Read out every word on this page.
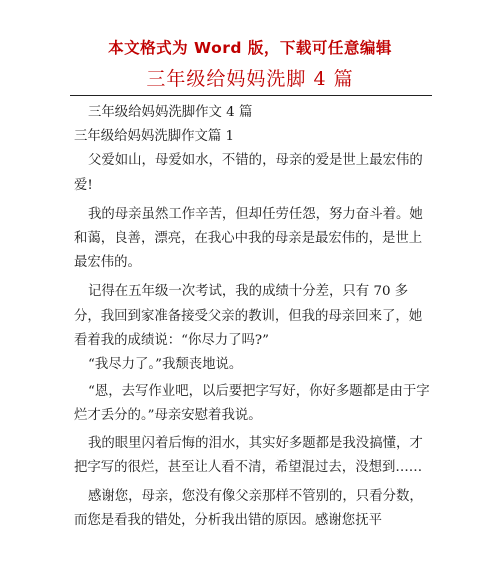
本文格式为 Word 版，下载可任意编辑
三年级给妈妈洗脚 4 篇

三年级给妈妈洗脚作文 4 篇

三年级给妈妈洗脚作文篇 1

父爱如山，母爱如水，不错的，母亲的爱是世上最宏伟的爱!

我的母亲虽然工作辛苦，但却任劳任怨，努力奋斗着。她和蔼，良善，漂亮，在我心中我的母亲是最宏伟的，是世上最宏伟的。

记得在五年级一次考试，我的成绩十分差，只有 70 多分，我回到家准备接受父亲的教训，但我的母亲回来了，她看着我的成绩说：“你尽力了吗?”

“我尽力了。”我颓丧地说。

“恩，去写作业吧，以后要把字写好，你好多题都是由于字烂才丢分的。”母亲安慰着我说。

我的眼里闪着后悔的泪水，其实好多题都是我没搞懂，才把字写的很烂，甚至让人看不清，希望混过去，没想到……

感谢您，母亲，您没有像父亲那样不管别的，只看分数，而您是看我的错处，分析我出错的原因。感谢您抚平
